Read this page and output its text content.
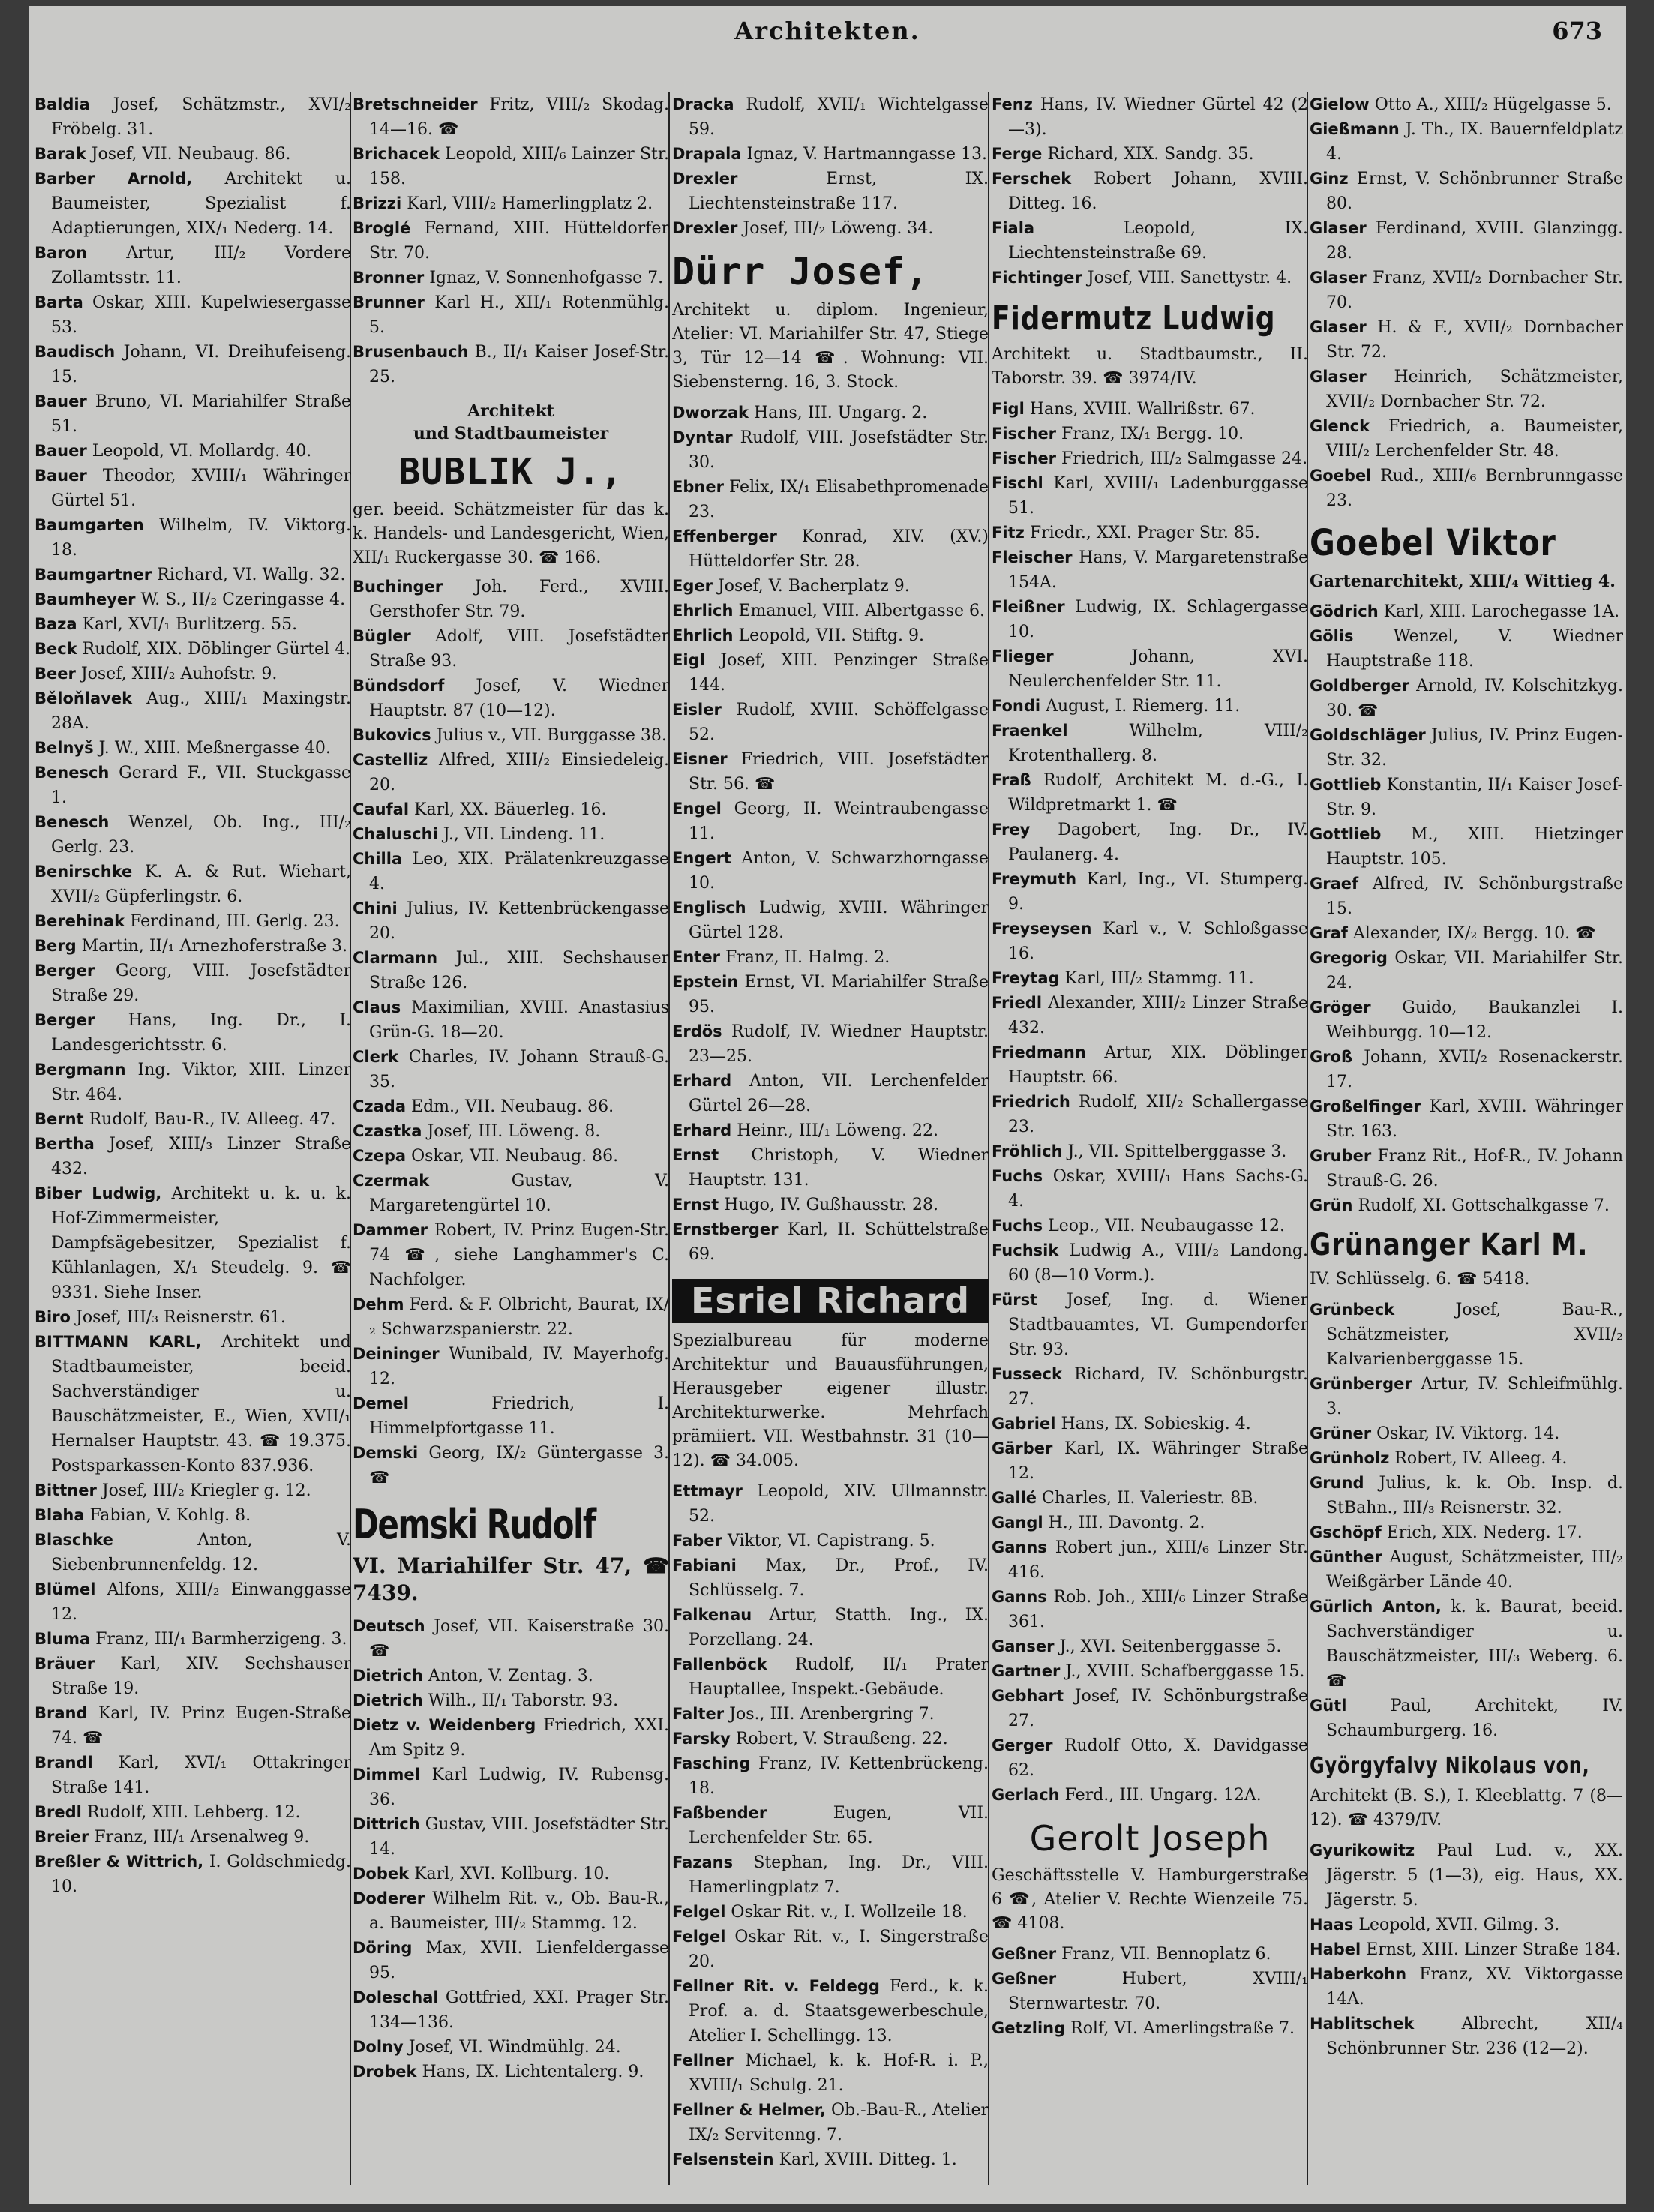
Architekten.	673

Baldia Josef, Schätzmstr., XVI/₂ Fröbelg. 31.

Barak Josef, VII. Neubaug. 86.

Barber Arnold, Architekt u. Baumeister, Spezialist f. Adaptierungen, XIX/₁ Nederg. 14.

Baron Artur, III/₂ Vordere Zollamtsstr. 11.

Barta Oskar, XIII. Kupelwiesergasse 53.

Baudisch Johann, VI. Dreihufeiseng. 15.

Bauer Bruno, VI. Mariahilfer Straße 51.

Bauer Leopold, VI. Mollardg. 40.

Bauer Theodor, XVIII/₁ Währinger Gürtel 51.

Baumgarten Wilhelm, IV. Viktorg. 18.

Baumgartner Richard, VI. Wallg. 32.

Baumheyer W. S., II/₂ Czeringasse 4.

Baza Karl, XVI/₁ Burlitzerg. 55.

Beck Rudolf, XIX. Döblinger Gürtel 4.

Beer Josef, XIII/₂ Auhofstr. 9.

Běloňlavek Aug., XIII/₁ Maxingstr. 28A.

Belnyš J. W., XIII. Meßnergasse 40.

Benesch Gerard F., VII. Stuckgasse 1.

Benesch Wenzel, Ob. Ing., III/₂ Gerlg. 23.

Benirschke K. A. & Rut. Wiehart, XVII/₂ Güpferlingstr. 6.

Berehinak Ferdinand, III. Gerlg. 23.

Berg Martin, II/₁ Arnezhoferstraße 3.

Berger Georg, VIII. Josefstädter Straße 29.

Berger Hans, Ing. Dr., I. Landesgerichtsstr. 6.

Bergmann Ing. Viktor, XIII. Linzer Str. 464.

Bernt Rudolf, Bau-R., IV. Alleeg. 47.

Bertha Josef, XIII/₃ Linzer Straße 432.

Biber Ludwig, Architekt u. k. u. k. Hof-Zimmermeister, Dampfsägebesitzer, Spezialist f. Kühlanlagen, X/₁ Steudelg. 9. ☎ 9331. Siehe Inser.

Biro Josef, III/₃ Reisnerstr. 61.

BITTMANN KARL, Architekt und Stadtbaumeister, beeid. Sachverständiger u. Bauschätzmeister, E., Wien, XVII/₁ Hernalser Hauptstr. 43. ☎ 19.375. Postsparkassen-Konto 837.936.

Bittner Josef, III/₂ Kriegler g. 12.

Blaha Fabian, V. Kohlg. 8.

Blaschke	Anton, V. Siebenbrunnenfeldg. 12.

Blümel Alfons, XIII/₂ Einwanggasse 12.

Bluma Franz, III/₁ Barmherzigeng. 3.

Bräuer Karl, XIV. Sechshauser Straße 19.

Brand Karl, IV. Prinz Eugen-Straße 74. ☎

Brandl Karl, XVI/₁ Ottakringer Straße 141.

Bredl Rudolf, XIII. Lehberg. 12.

Breier Franz, III/₁ Arsenalweg 9.

Breßler & Wittrich, I. Goldschmiedg. 10.

Bretschneider Fritz, VIII/₂ Skodag. 14—16. ☎

Brichacek Leopold, XIII/₆ Lainzer Str. 158.

Brizzi Karl, VIII/₂ Hamerlingplatz 2.

Broglé Fernand, XIII. Hütteldorfer Str. 70.

Bronner Ignaz, V. Sonnenhofgasse 7.

Brunner Karl H., XII/₁ Rotenmühlg. 5.

Brusenbauch B., II/₁ Kaiser Josef-Str. 25.

Architekt
und Stadtbaumeister
BUBLIK J.,
ger. beeid. Schätzmeister für das k. k. Handels- und Landesgericht, Wien, XII/₁ Ruckergasse 30. ☎ 166.

Buchinger Joh. Ferd., XVIII. Gersthofer Str. 79.

Bügler Adolf, VIII. Josefstädter Straße 93.

Bündsdorf Josef, V. Wiedner Hauptstr. 87 (10—12).

Bukovics Julius v., VII. Burggasse 38.

Castelliz Alfred, XIII/₂ Einsiedeleig. 20.

Caufal Karl, XX. Bäuerleg. 16.

Chaluschi J., VII. Lindeng. 11.

Chilla Leo, XIX. Prälatenkreuzgasse 4.

Chini Julius, IV. Kettenbrückengasse 20.

Clarmann Jul., XIII. Sechshauser Straße 126.

Claus Maximilian, XVIII. Anastasius Grün-G. 18—20.

Clerk Charles, IV. Johann Strauß-G. 35.

Czada Edm., VII. Neubaug. 86.

Czastka Josef, III. Löweng. 8.

Czepa Oskar, VII. Neubaug. 86.

Czermak	Gustav, V. Margaretengürtel 10.

Dammer Robert, IV. Prinz Eugen-Str. 74 ☎, siehe Langhammer's C. Nachfolger.

Dehm Ferd. & F. Olbricht, Baurat, IX/₂ Schwarzspanierstr. 22.

Deininger Wunibald, IV. Mayerhofg. 12.

Demel	Friedrich, I. Himmelpfortgasse 11.

Demski Georg, IX/₂ Güntergasse 3. ☎

Demski Rudolf
VI. Mariahilfer Str. 47, ☎ 7439.

Deutsch Josef, VII. Kaiserstraße 30. ☎

Dietrich Anton, V. Zentag. 3.

Dietrich Wilh., II/₁ Taborstr. 93.

Dietz v. Weidenberg Friedrich, XXI. Am Spitz 9.

Dimmel Karl Ludwig, IV. Rubensg. 36.

Dittrich Gustav, VIII. Josefstädter Str. 14.

Dobek Karl, XVI. Kollburg. 10.

Doderer Wilhelm Rit. v., Ob. Bau-R., a. Baumeister, III/₂ Stammg. 12.

Döring Max, XVII. Lienfeldergasse 95.

Doleschal Gottfried, XXI. Prager Str. 134—136.

Dolny Josef, VI. Windmühlg. 24.

Drobek Hans, IX. Lichtentalerg. 9.

Dracka Rudolf, XVII/₁ Wichtelgasse 59.

Drapala Ignaz, V. Hartmanngasse 13.

Drexler	Ernst, IX. Liechtensteinstraße 117.

Drexler Josef, III/₂ Löweng. 34.

Dürr Josef,
Architekt u. diplom. Ingenieur, Atelier: VI. Mariahilfer Str. 47, Stiege 3, Tür 12—14 ☎. Wohnung: VII. Siebensterng. 16, 3. Stock.

Dworzak Hans, III. Ungarg. 2.

Dyntar Rudolf, VIII. Josefstädter Str. 30.

Ebner Felix, IX/₁ Elisabethpromenade 23.

Effenberger Konrad, XIV. (XV.) Hütteldorfer Str. 28.

Eger Josef, V. Bacherplatz 9.

Ehrlich Emanuel, VIII. Albertgasse 6.

Ehrlich Leopold, VII. Stiftg. 9.

Eigl Josef, XIII. Penzinger Straße 144.

Eisler Rudolf, XVIII. Schöffelgasse 52.

Eisner Friedrich, VIII. Josefstädter Str. 56. ☎

Engel Georg, II. Weintraubengasse 11.

Engert Anton, V. Schwarzhorngasse 10.

Englisch Ludwig, XVIII. Währinger Gürtel 128.

Enter Franz, II. Halmg. 2.

Epstein Ernst, VI. Mariahilfer Straße 95.

Erdös Rudolf, IV. Wiedner Hauptstr. 23—25.

Erhard Anton, VII. Lerchenfelder Gürtel 26—28.

Erhard Heinr., III/₁ Löweng. 22.

Ernst Christoph, V. Wiedner Hauptstr. 131.

Ernst Hugo, IV. Gußhausstr. 28.

Ernstberger Karl, II. Schüttelstraße 69.

Esriel Richard
Spezialbureau für moderne Architektur und Bauausführungen, Herausgeber eigener illustr. Architekturwerke. Mehrfach prämiiert. VII. Westbahnstr. 31 (10—12). ☎ 34.005.

Ettmayr Leopold, XIV. Ullmannstr. 52.

Faber Viktor, VI. Capistrang. 5.

Fabiani Max, Dr., Prof., IV. Schlüsselg. 7.

Falkenau Artur, Statth. Ing., IX. Porzellang. 24.

Fallenböck Rudolf, II/₁ Prater Hauptallee, Inspekt.-Gebäude.

Falter Jos., III. Arenbergring 7.

Farsky Robert, V. Straußeng. 22.

Fasching Franz, IV. Kettenbrückeng. 18.

Faßbender	Eugen, VII. Lerchenfelder Str. 65.

Fazans Stephan, Ing. Dr., VIII. Hamerlingplatz 7.

Felgel Oskar Rit. v., I. Wollzeile 18.

Felgel Oskar Rit. v., I. Singerstraße 20.

Fellner Rit. v. Feldegg Ferd., k. k. Prof. a. d. Staatsgewerbeschule, Atelier I. Schellingg. 13.

Fellner Michael, k. k. Hof-R. i. P., XVIII/₁ Schulg. 21.

Fellner & Helmer, Ob.-Bau-R., Atelier IX/₂ Servitenng. 7.

Felsenstein Karl, XVIII. Ditteg. 1.

Fenz Hans, IV. Wiedner Gürtel 42 (2—3).

Ferge Richard, XIX. Sandg. 35.

Ferschek Robert Johann, XVIII. Ditteg. 16.

Fiala	Leopold, IX. Liechtensteinstraße 69.

Fichtinger Josef, VIII. Sanettystr. 4.

Fidermutz Ludwig
Architekt u. Stadtbaumstr., II. Taborstr. 39. ☎ 3974/IV.

Figl Hans, XVIII. Wallrißstr. 67.

Fischer Franz, IX/₁ Bergg. 10.

Fischer Friedrich, III/₂ Salmgasse 24.

Fischl Karl, XVIII/₁ Ladenburggasse 51.

Fitz Friedr., XXI. Prager Str. 85.

Fleischer Hans, V. Margaretenstraße 154A.

Fleißner Ludwig, IX. Schlagergasse 10.

Flieger	Johann, XVI. Neulerchenfelder Str. 11.

Fondi August, I. Riemerg. 11.

Fraenkel	Wilhelm, VIII/₂ Krotenthallerg. 8.

Fraß Rudolf, Architekt M. d.-G., I. Wildpretmarkt 1. ☎

Frey Dagobert, Ing. Dr., IV. Paulanerg. 4.

Freymuth Karl, Ing., VI. Stumperg. 9.

Freyseysen Karl v., V. Schloßgasse 16.

Freytag Karl, III/₂ Stammg. 11.

Friedl Alexander, XIII/₂ Linzer Straße 432.

Friedmann Artur, XIX. Döblinger Hauptstr. 66.

Friedrich Rudolf, XII/₂ Schallergasse 23.

Fröhlich J., VII. Spittelberggasse 3.

Fuchs Oskar, XVIII/₁ Hans Sachs-G. 4.

Fuchs Leop., VII. Neubaugasse 12.

Fuchsik Ludwig A., VIII/₂ Landong. 60 (8—10 Vorm.).

Fürst Josef, Ing. d. Wiener Stadtbauamtes, VI. Gumpendorfer Str. 93.

Fusseck Richard, IV. Schönburgstr. 27.

Gabriel Hans, IX. Sobieskig. 4.

Gärber Karl, IX. Währinger Straße 12.

Gallé Charles, II. Valeriestr. 8B.

Gangl H., III. Davontg. 2.

Ganns Robert jun., XIII/₆ Linzer Str. 416.

Ganns Rob. Joh., XIII/₆ Linzer Straße 361.

Ganser J., XVI. Seitenberggasse 5.

Gartner J., XVIII. Schafberggasse 15.

Gebhart Josef, IV. Schönburgstraße 27.

Gerger Rudolf Otto, X. Davidgasse 62.

Gerlach Ferd., III. Ungarg. 12A.

Gerolt Joseph
Geschäftsstelle V. Hamburgerstraße 6 ☎, Atelier V. Rechte Wienzeile 75. ☎ 4108.

Geßner Franz, VII. Bennoplatz 6.

Geßner	Hubert, XVIII/₁ Sternwartestr. 70.

Getzling Rolf, VI. Amerlingstraße 7.

Gielow Otto A., XIII/₂ Hügelgasse 5.

Gießmann J. Th., IX. Bauernfeldplatz 4.

Ginz Ernst, V. Schönbrunner Straße 80.

Glaser Ferdinand, XVIII. Glanzingg. 28.

Glaser Franz, XVII/₂ Dornbacher Str. 70.

Glaser H. & F., XVII/₂ Dornbacher Str. 72.

Glaser Heinrich, Schätzmeister, XVII/₂ Dornbacher Str. 72.

Glenck Friedrich, a. Baumeister, VIII/₂ Lerchenfelder Str. 48.

Goebel Rud., XIII/₆ Bernbrunngasse 23.

Goebel Viktor
Gartenarchitekt, XIII/₄ Wittieg 4.

Gödrich Karl, XIII. Larochegasse 1A.

Gölis Wenzel, V. Wiedner Hauptstraße 118.

Goldberger Arnold, IV. Kolschitzkyg. 30. ☎

Goldschläger Julius, IV. Prinz Eugen-Str. 32.

Gottlieb Konstantin, II/₁ Kaiser Josef-Str. 9.

Gottlieb M., XIII. Hietzinger Hauptstr. 105.

Graef Alfred, IV. Schönburgstraße 15.

Graf Alexander, IX/₂ Bergg. 10. ☎

Gregorig Oskar, VII. Mariahilfer Str. 24.

Gröger Guido, Baukanzlei I. Weihburgg. 10—12.

Groß Johann, XVII/₂ Rosenackerstr. 17.

Großelfinger Karl, XVIII. Währinger Str. 163.

Gruber Franz Rit., Hof-R., IV. Johann Strauß-G. 26.

Grün Rudolf, XI. Gottschalkgasse 7.

Grünanger Karl M.
IV. Schlüsselg. 6. ☎ 5418.

Grünbeck	Josef, Bau-R., Schätzmeister, XVII/₂ Kalvarienberggasse 15.

Grünberger Artur, IV. Schleifmühlg. 3.

Grüner Oskar, IV. Viktorg. 14.

Grünholz Robert, IV. Alleeg. 4.

Grund Julius, k. k. Ob. Insp. d. StBahn., III/₃ Reisnerstr. 32.

Gschöpf Erich, XIX. Nederg. 17.

Günther August, Schätzmeister, III/₂ Weißgärber Lände 40.

Gürlich Anton, k. k. Baurat, beeid. Sachverständiger u. Bauschätzmeister, III/₃ Weberg. 6. ☎

Gütl	Paul, Architekt, IV. Schaumburgerg. 16.

Györgyfalvy Nikolaus von,
Architekt (B. S.), I. Kleeblattg. 7 (8—12). ☎ 4379/IV.

Gyurikowitz Paul Lud. v., XX. Jägerstr. 5 (1—3), eig. Haus, XX. Jägerstr. 5.

Haas Leopold, XVII. Gilmg. 3.

Habel Ernst, XIII. Linzer Straße 184.

Haberkohn Franz, XV. Viktorgasse 14A.

Hablitschek	Albrecht, XII/₄ Schönbrunner Str. 236 (12—2).
